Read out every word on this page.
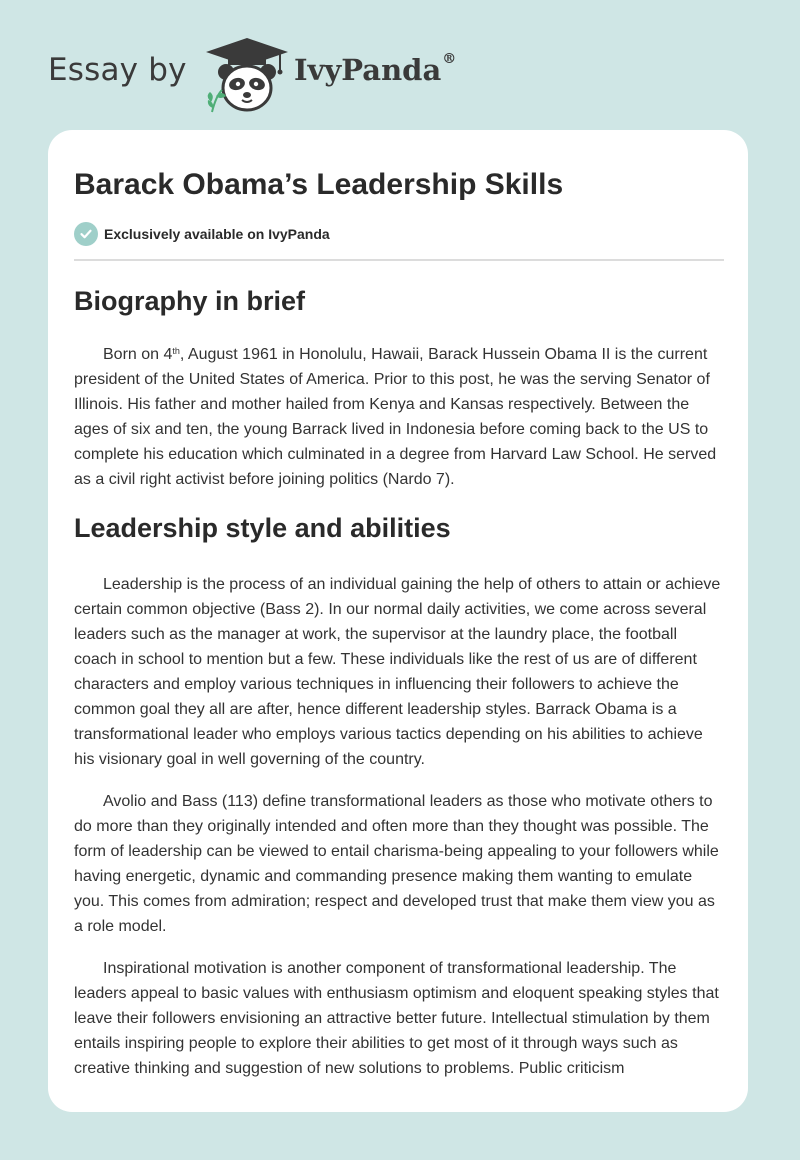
Essay by	IvyPanda®
Barack Obama’s Leadership Skills
Exclusively available on IvyPanda
Biography in brief

Born on 4th, August 1961 in Honolulu, Hawaii, Barack Hussein Obama II is the current president of the United States of America. Prior to this post, he was the serving Senator of Illinois. His father and mother hailed from Kenya and Kansas respectively. Between the ages of six and ten, the young Barrack lived in Indonesia before coming back to the US to complete his education which culminated in a degree from Harvard Law School. He served as a civil right activist before joining politics (Nardo 7).

Leadership style and abilities

Leadership is the process of an individual gaining the help of others to attain or achieve certain common objective (Bass 2). In our normal daily activities, we come across several leaders such as the manager at work, the supervisor at the laundry place, the football coach in school to mention but a few. These individuals like the rest of us are of different characters and employ various techniques in influencing their followers to achieve the common goal they all are after, hence different leadership styles. Barrack Obama is a transformational leader who employs various tactics depending on his abilities to achieve his visionary goal in well governing of the country.

Avolio and Bass (113) define transformational leaders as those who motivate others to do more than they originally intended and often more than they thought was possible. The form of leadership can be viewed to entail charisma-being appealing to your followers while having energetic, dynamic and commanding presence making them wanting to emulate you. This comes from admiration; respect and developed trust that make them view you as a role model.

Inspirational motivation is another component of transformational leadership. The leaders appeal to basic values with enthusiasm optimism and eloquent speaking styles that leave their followers envisioning an attractive better future. Intellectual stimulation by them entails inspiring people to explore their abilities to get most of it through ways such as creative thinking and suggestion of new solutions to problems. Public criticism
